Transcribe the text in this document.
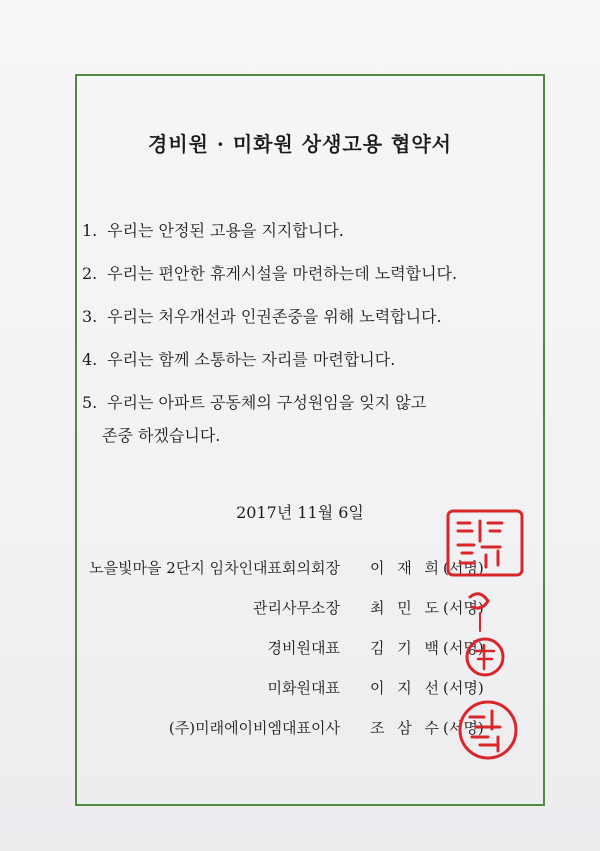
경비원 · 미화원 상생고용 협약서
1. 우리는 안정된 고용을 지지합니다.
2. 우리는 편안한 휴게시설을 마련하는데 노력합니다.
3. 우리는 처우개선과 인권존중을 위해 노력합니다.
4. 우리는 함께 소통하는 자리를 마련합니다.
5. 우리는 아파트 공동체의 구성원임을 잊지 않고
존중 하겠습니다.
2017년 11월 6일
노을빛마을 2단지 임차인대표회의회장 이 재 희 (서명)
관리사무소장 최 민 도 (서명)
경비원대표 김 기 백 (서명)
미화원대표 이 지 선 (서명)
(주)미래에이비엠대표이사 조 삼 수 (서명)
